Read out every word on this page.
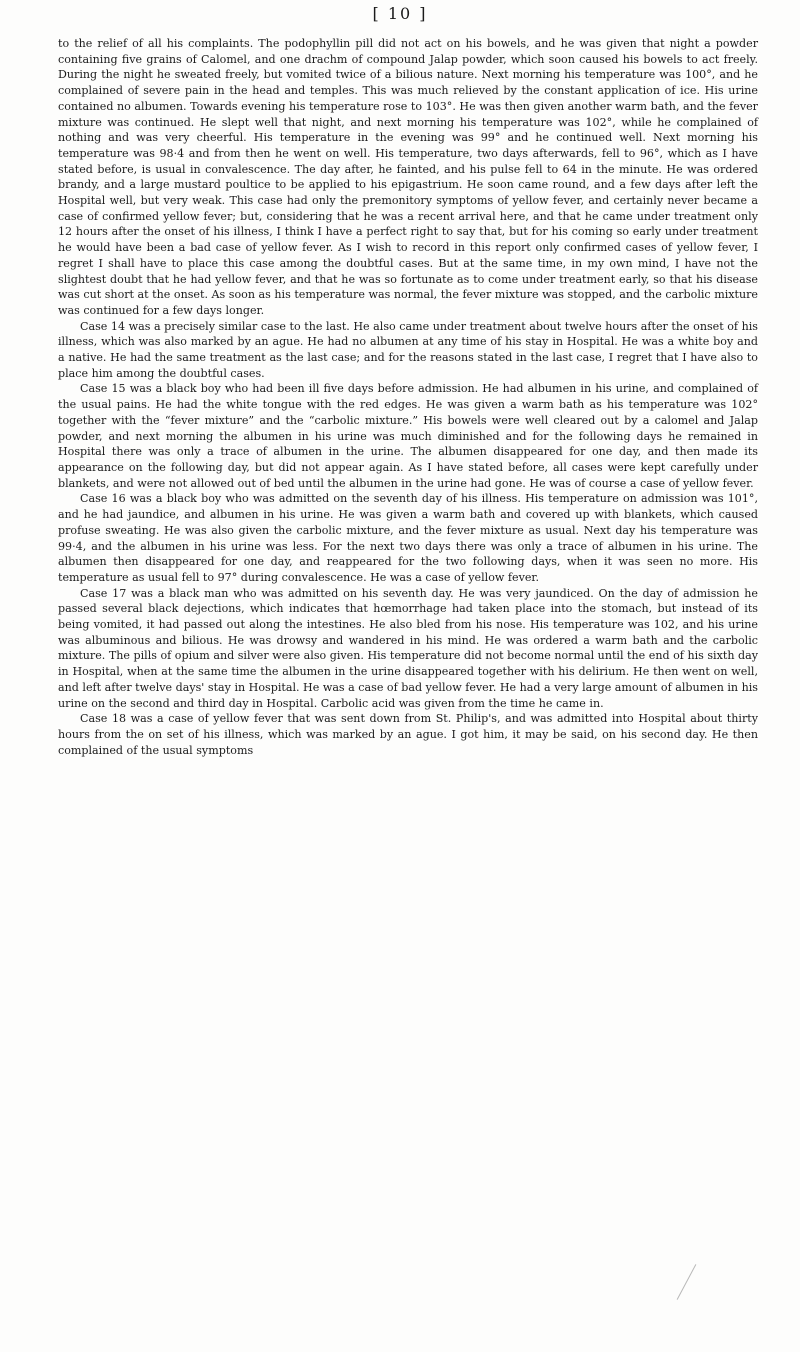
[ 10 ]

to the relief of all his complaints. The podophyllin pill did not act on his bowels, and he was given that night a powder containing five grains of Calomel, and one drachm of compound Jalap powder, which soon caused his bowels to act freely. During the night he sweated freely, but vomited twice of a bilious nature. Next morning his temperature was 100°, and he complained of severe pain in the head and temples. This was much relieved by the constant application of ice. His urine contained no albumen. Towards evening his temperature rose to 103°. He was then given another warm bath, and the fever mixture was continued. He slept well that night, and next morning his temperature was 102°, while he complained of nothing and was very cheerful. His temperature in the evening was 99° and he continued well. Next morning his temperature was 98·4 and from then he went on well. His temperature, two days afterwards, fell to 96°, which as I have stated before, is usual in convalescence. The day after, he fainted, and his pulse fell to 64 in the minute. He was ordered brandy, and a large mustard poultice to be applied to his epigastrium. He soon came round, and a few days after left the Hospital well, but very weak. This case had only the premonitory symptoms of yellow fever, and certainly never became a case of confirmed yellow fever; but, considering that he was a recent arrival here, and that he came under treatment only 12 hours after the onset of his illness, I think I have a perfect right to say that, but for his coming so early under treatment he would have been a bad case of yellow fever. As I wish to record in this report only confirmed cases of yellow fever, I regret I shall have to place this case among the doubtful cases. But at the same time, in my own mind, I have not the slightest doubt that he had yellow fever, and that he was so fortunate as to come under treatment early, so that his disease was cut short at the onset. As soon as his temperature was normal, the fever mixture was stopped, and the carbolic mixture was continued for a few days longer.

Case 14 was a precisely similar case to the last. He also came under treatment about twelve hours after the onset of his illness, which was also marked by an ague. He had no albumen at any time of his stay in Hospital. He was a white boy and a native. He had the same treatment as the last case; and for the reasons stated in the last case, I regret that I have also to place him among the doubtful cases.

Case 15 was a black boy who had been ill five days before admission. He had albumen in his urine, and complained of the usual pains. He had the white tongue with the red edges. He was given a warm bath as his temperature was 102° together with the “fever mixture” and the “carbolic mixture.” His bowels were well cleared out by a calomel and Jalap powder, and next morning the albumen in his urine was much diminished and for the following days he remained in Hospital there was only a trace of albumen in the urine. The albumen disappeared for one day, and then made its appearance on the following day, but did not appear again. As I have stated before, all cases were kept carefully under blankets, and were not allowed out of bed until the albumen in the urine had gone. He was of course a case of yellow fever.

Case 16 was a black boy who was admitted on the seventh day of his illness. His temperature on admission was 101°, and he had jaundice, and albumen in his urine. He was given a warm bath and covered up with blankets, which caused profuse sweating. He was also given the carbolic mixture, and the fever mixture as usual. Next day his temperature was 99·4, and the albumen in his urine was less. For the next two days there was only a trace of albumen in his urine. The albumen then disappeared for one day, and reappeared for the two following days, when it was seen no more. His temperature as usual fell to 97° during convalescence. He was a case of yellow fever.

Case 17 was a black man who was admitted on his seventh day. He was very jaundiced. On the day of admission he passed several black dejections, which indicates that hœmorrhage had taken place into the stomach, but instead of its being vomited, it had passed out along the intestines. He also bled from his nose. His temperature was 102, and his urine was albuminous and bilious. He was drowsy and wandered in his mind. He was ordered a warm bath and the carbolic mixture. The pills of opium and silver were also given. His temperature did not become normal until the end of his sixth day in Hospital, when at the same time the albumen in the urine disappeared together with his delirium. He then went on well, and left after twelve days' stay in Hospital. He was a case of bad yellow fever. He had a very large amount of albumen in his urine on the second and third day in Hospital. Carbolic acid was given from the time he came in.

Case 18 was a case of yellow fever that was sent down from St. Philip's, and was admitted into Hospital about thirty hours from the on set of his illness, which was marked by an ague. I got him, it may be said, on his second day. He then complained of the usual symptoms
